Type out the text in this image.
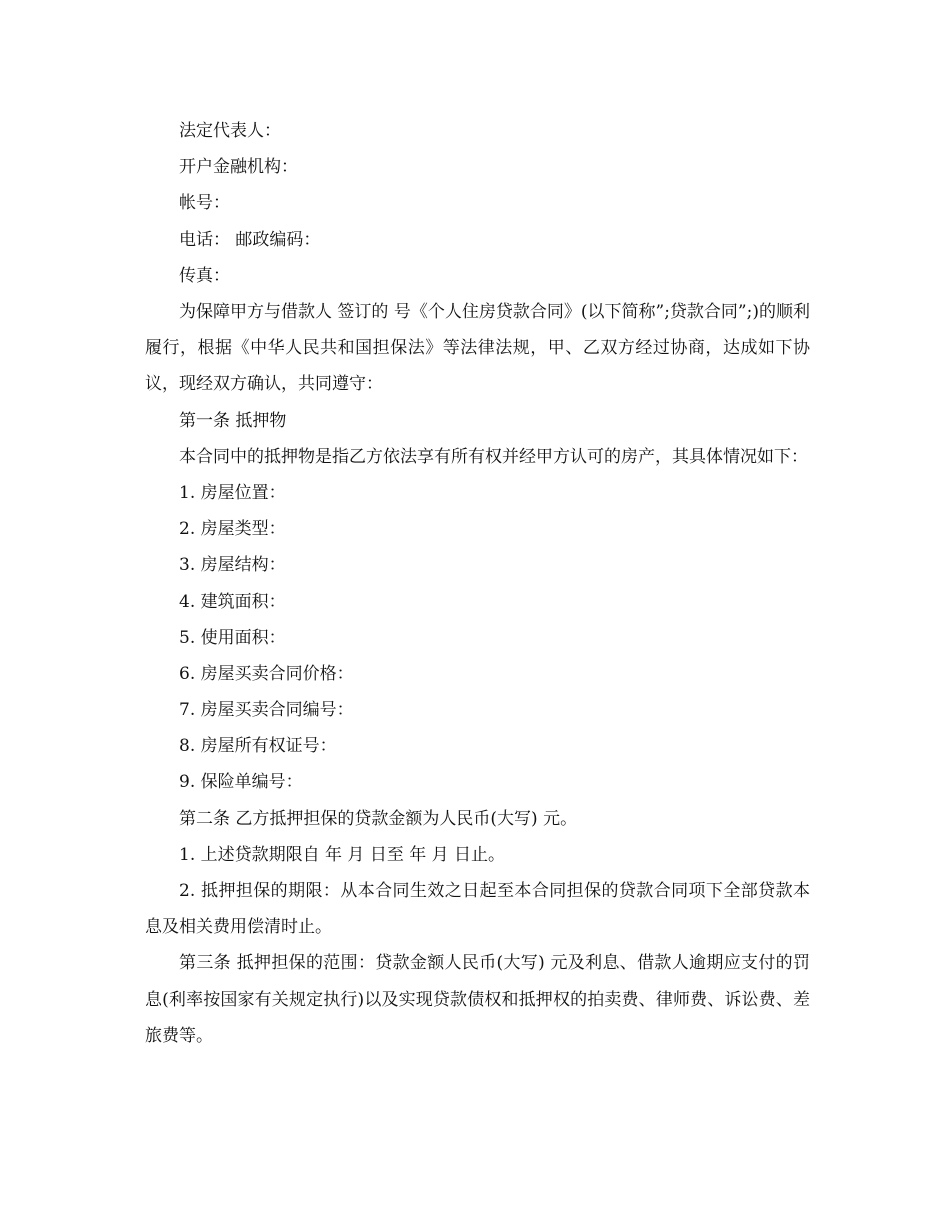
法定代表人：
开户金融机构：
帐号：
电话： 邮政编码：
传真：
为保障甲方与借款人 签订的 号《个人住房贷款合同》(以下简称”;贷款合同”;)的顺利履行，根据《中华人民共和国担保法》等法律法规，甲、乙双方经过协商，达成如下协议，现经双方确认，共同遵守：
第一条 抵押物
本合同中的抵押物是指乙方依法享有所有权并经甲方认可的房产，其具体情况如下：
1. 房屋位置：
2. 房屋类型：
3. 房屋结构：
4. 建筑面积：
5. 使用面积：
6. 房屋买卖合同价格：
7. 房屋买卖合同编号：
8. 房屋所有权证号：
9. 保险单编号：
第二条 乙方抵押担保的贷款金额为人民币(大写) 元。
1. 上述贷款期限自 年 月 日至 年 月 日止。
2. 抵押担保的期限：从本合同生效之日起至本合同担保的贷款合同项下全部贷款本息及相关费用偿清时止。
第三条 抵押担保的范围：贷款金额人民币(大写) 元及利息、借款人逾期应支付的罚息(利率按国家有关规定执行)以及实现贷款债权和抵押权的拍卖费、律师费、诉讼费、差旅费等。
